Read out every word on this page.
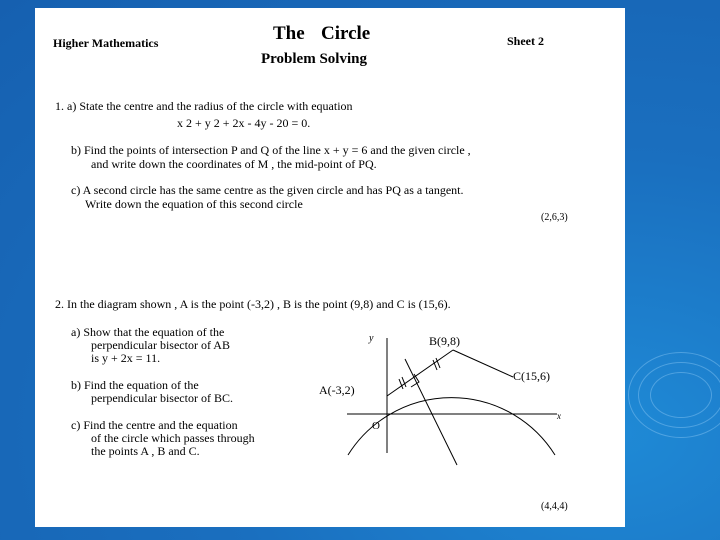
Higher Mathematics	The Circle
Problem Solving
Sheet 2
1. a) State the centre and the radius of the circle with equation
x 2 + y 2 + 2x - 4y - 20 = 0.
b) Find the points of intersection P and Q of the line x + y = 6 and the given circle ,
and write down the coordinates of M , the mid-point of PQ.
c) A second circle has the same centre as the given circle and has PQ as a tangent.
Write down the equation of this second circle
(2,6,3)
2. In the diagram shown , A is the point (-3,2) , B is the point (9,8) and C is (15,6).
a) Show that the equation of the
perpendicular bisector of AB
is y + 2x = 11.
b) Find the equation of the
perpendicular bisector of BC.
c) Find the centre and the equation
of the circle which passes through
the points A , B and C.
(4,4,4)
y
x
O
A(-3,2)
B(9,8)
C(15,6)
